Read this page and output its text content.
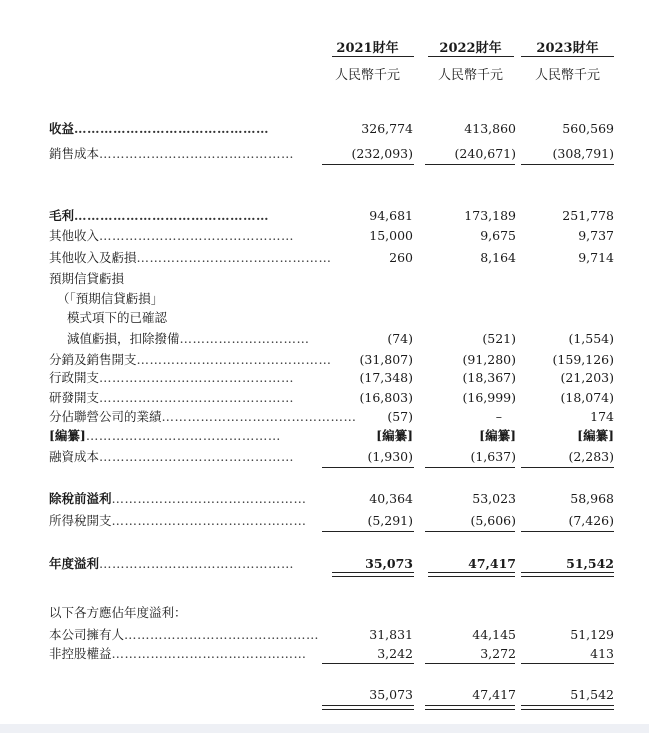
2021財年	2022財年	2023財年
人民幣千元	人民幣千元	人民幣千元
收益………………………………………	326,774	413,860	560,569
銷售成本………………………………………	(232,093)	(240,671)	(308,791)
毛利………………………………………	94,681	173,189	251,778
其他收入………………………………………	15,000	9,675	9,737
其他收入及虧損………………………………………	260	8,164	9,714
預期信貸虧損
（「預期信貸虧損」
模式項下的已確認
減值虧損，扣除撥備…………………………	(74)	(521)	(1,554)
分銷及銷售開支………………………………………	(31,807)	(91,280)	(159,126)
行政開支………………………………………	(17,348)	(18,367)	(21,203)
研發開支………………………………………	(16,803)	(16,999)	(18,074)
分佔聯營公司的業績………………………………………	(57)	–	174
[編纂]………………………………………	[編纂]	[編纂]	[編纂]
融資成本………………………………………	(1,930)	(1,637)	(2,283)
除稅前溢利………………………………………	40,364	53,023	58,968
所得稅開支………………………………………	(5,291)	(5,606)	(7,426)
年度溢利………………………………………	35,073	47,417	51,542
以下各方應佔年度溢利：
本公司擁有人………………………………………	31,831	44,145	51,129
非控股權益………………………………………	3,242	3,272	413
35,073	47,417	51,542
